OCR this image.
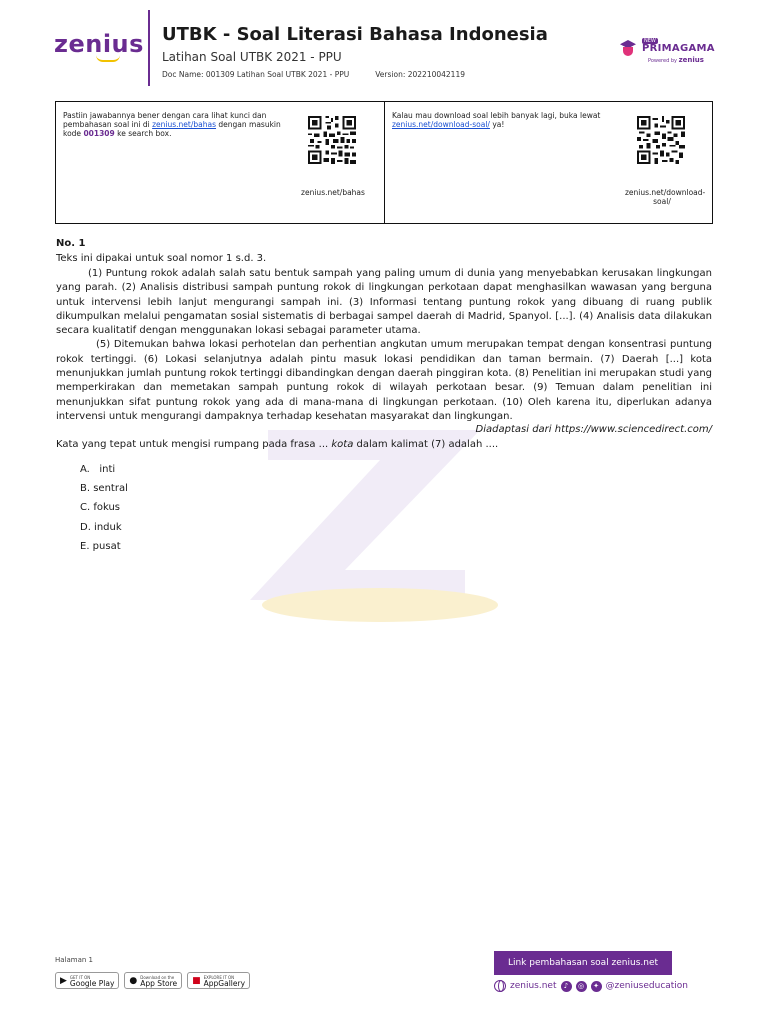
zenius UTBK - Soal Literasi Bahasa Indonesia
Latihan Soal UTBK 2021 - PPU
Doc Name: 001309 Latihan Soal UTBK 2021 - PPU	Version: 202210042119
NEW
PRIMAGAMA
Powered by zenius
Pastiin jawabannya bener dengan cara lihat kunci dan pembahasan soal ini di zenius.net/bahas dengan masukin kode 001309 ke search box.
zenius.net/bahas
Kalau mau download soal lebih banyak lagi, buka lewat zenius.net/download-soal/ ya!
zenius.net/download-soal/
No. 1
Teks ini dipakai untuk soal nomor 1 s.d. 3.

(1) Puntung rokok adalah salah satu bentuk sampah yang paling umum di dunia yang menyebabkan kerusakan lingkungan yang parah. (2) Analisis distribusi sampah puntung rokok di lingkungan perkotaan dapat menghasilkan wawasan yang berguna untuk intervensi lebih lanjut mengurangi sampah ini. (3) Informasi tentang puntung rokok yang dibuang di ruang publik dikumpulkan melalui pengamatan sosial sistematis di berbagai sampel daerah di Madrid, Spanyol. [...]. (4) Analisis data dilakukan secara kualitatif dengan menggunakan lokasi sebagai parameter utama.

(5) Ditemukan bahwa lokasi perhotelan dan perhentian angkutan umum merupakan tempat dengan konsentrasi puntung rokok tertinggi. (6) Lokasi selanjutnya adalah pintu masuk lokasi pendidikan dan taman bermain. (7) Daerah [...] kota menunjukkan jumlah puntung rokok tertinggi dibandingkan dengan daerah pinggiran kota. (8) Penelitian ini merupakan studi yang memperkirakan dan memetakan sampah puntung rokok di wilayah perkotaan besar. (9) Temuan dalam penelitian ini menunjukkan sifat puntung rokok yang ada di mana-mana di lingkungan perkotaan. (10) Oleh karena itu, diperlukan adanya intervensi untuk mengurangi dampaknya terhadap kesehatan masyarakat dan lingkungan.

Diadaptasi dari https://www.sciencedirect.com/
Kata yang tepat untuk mengisi rumpang pada frasa ... kota dalam kalimat (7) adalah ....
A.   inti
B. sentral
C. fokus
D. induk
E. pusat
Halaman 1
▶ GET IT ON
Google Play ● Download on the
App Store ■ EXPLORE IT ON
AppGallery
Link pembahasan soal zenius.net
zenius.net	♪	◎	✦ @zeniuseducation
